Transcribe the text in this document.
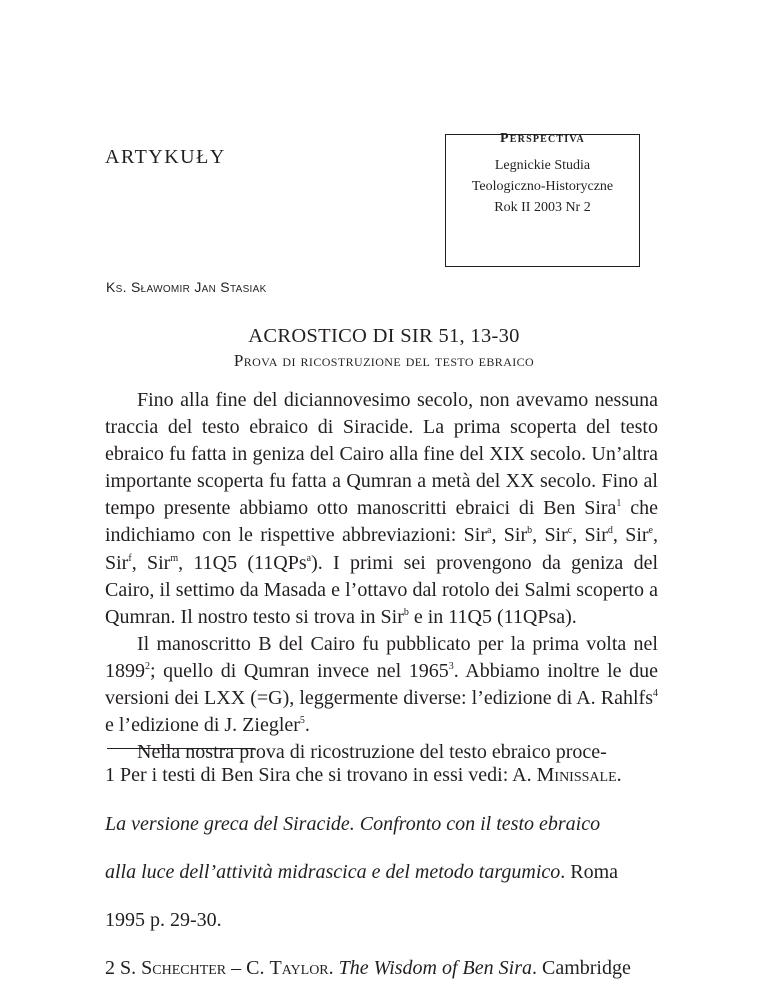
ARTYKUŁY
Perspectiva
Legnickie Studia
Teologiczno-Historyczne
Rok II 2003 Nr 2
Ks. Sławomir Jan Stasiak
ACROSTICO DI SIR 51, 13-30
Prova di ricostruzione del testo ebraico

Fino alla fine del diciannovesimo secolo, non avevamo nessuna traccia del testo ebraico di Siracide. La prima scoperta del testo ebraico fu fatta in geniza del Cairo alla fine del XIX secolo. Un’altra importante scoperta fu fatta a Qumran a metà del XX secolo. Fino al tempo presente abbiamo otto manoscritti ebraici di Ben Sira$^1$ che indichiamo con le rispettive abbreviazioni: Sir$^a$, Sir$^b$, Sir$^c$, Sir$^d$, Sir$^e$, Sir$^f$, Sir$^m$, 11Q5 (11QPs$^a$). I primi sei provengono da geniza del Cairo, il settimo da Masada e l’ottavo dal rotolo dei Salmi scoperto a Qumran. Il nostro testo si trova in Sir$^b$ e in 11Q5 (11QPsa).

Il manoscritto B del Cairo fu pubblicato per la prima volta nel 1899$^2$; quello di Qumran invece nel 1965$^3$. Abbiamo inoltre le due versioni dei LXX (=G), leggermente diverse: l’edizione di A. Rahlfs$^4$ e l’edizione di J. Ziegler$^5$.

Nella nostra prova di ricostruzione del testo ebraico proce-

1 Per i testi di Ben Sira che si trovano in essi vedi: A. Minissale.
La versione greca del Siracide. Confronto con il testo ebraico
alla luce dell’attività midrascica e del metodo targumico. Roma
1995 p. 29-30.
2 S. Schechter – C. Taylor. The Wisdom of Ben Sira. Cambridge
